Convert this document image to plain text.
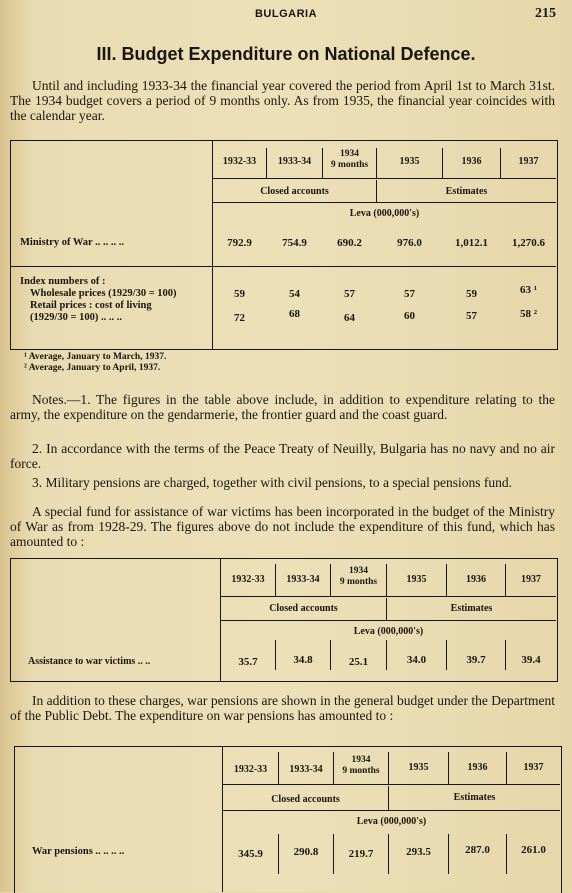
BULGARIA	215
III. Budget Expenditure on National Defence.
Until and including 1933-34 the financial year covered the period from April 1st to March 31st. The 1934 budget covers a period of 9 months only. As from 1935, the financial year coincides with the calendar year.
1932-33	1933-34
1934
9 months	1935	1936	1937
Closed accounts	Estimates
Leva (000,000's)
Ministry of War .. .. .. ..	792.9	754.9	690.2	976.0	1,012.1	1,270.6
Index numbers of :
Wholesale prices (1929/30 = 100)
Retail prices : cost of living
(1929/30 = 100) .. .. ..
59	54	57	57	59	63 ¹
72	68	64	60	57	58 ²
¹ Average, January to March, 1937.
² Average, January to April, 1937.
Notes.—1. The figures in the table above include, in addition to expenditure relating to the army, the expenditure on the gendarmerie, the frontier guard and the coast guard.
2. In accordance with the terms of the Peace Treaty of Neuilly, Bulgaria has no navy and no air force.
3. Military pensions are charged, together with civil pensions, to a special pensions fund.
A special fund for assistance of war victims has been incorporated in the budget of the Ministry of War as from 1928-29. The figures above do not include the expenditure of this fund, which has amounted to :
1932-33	1933-34
1934
9 months	1935	1936	1937
Closed accounts	Estimates
Leva (000,000's)
Assistance to war victims .. ..	35.7	34.8	25.1	34.0	39.7	39.4
In addition to these charges, war pensions are shown in the general budget under the Department of the Public Debt. The expenditure on war pensions has amounted to :
1932-33	1933-34
1934
9 months	1935	1936	1937
Closed accounts	Estimates
Leva (000,000's)
War pensions .. .. .. ..	345.9	290.8	219.7	293.5	287.0	261.0
